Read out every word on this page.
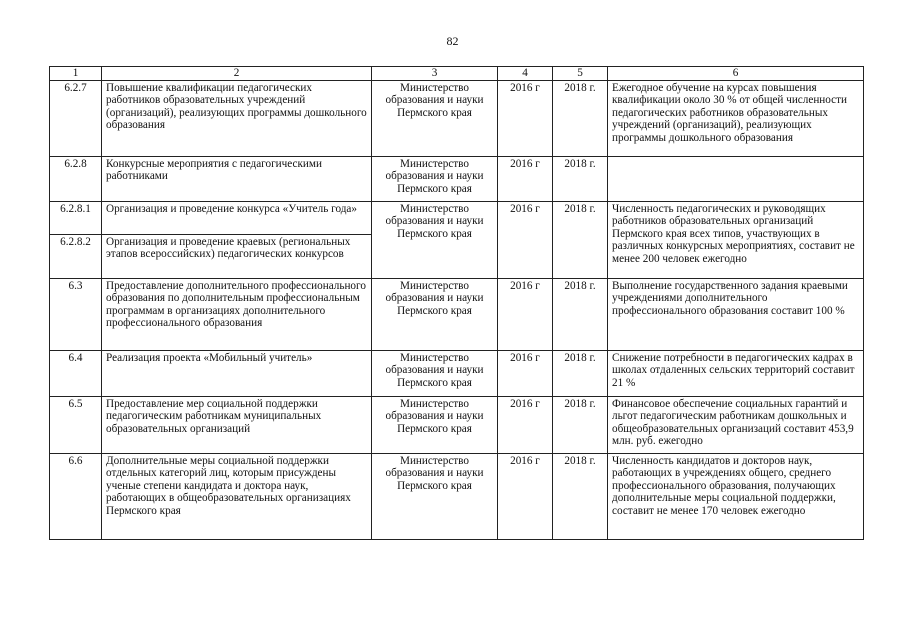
82
1	2	3	4	5	6
6.2.7	Повышение квалификации педагогических работников образовательных учреждений (организаций), реализующих программы дошкольного образования	Министерство образования и науки Пермского края	2016 г	2018 г.	Ежегодное обучение на курсах повышения квалификации около 30 % от общей численности педагогических работников образовательных учреждений (организаций), реализующих программы дошкольного образования
6.2.8	Конкурсные мероприятия с педагогическими работниками	Министерство образования и науки Пермского края	2016 г	2018 г.	
6.2.8.1	Организация и проведение конкурса «Учитель года»	Министерство образования и науки Пермского края	2016 г	2018 г.	Численность педагогических и руководящих работников образовательных организаций Пермского края всех типов, участвующих в различных конкурсных мероприятиях, составит не менее 200 человек ежегодно
6.2.8.2	Организация и проведение краевых (региональных этапов всероссийских) педагогических конкурсов				
6.3	Предоставление дополнительного профессионального образования по дополнительным профессиональным программам в организациях дополнительного профессионального образования	Министерство образования и науки Пермского края	2016 г	2018 г.	Выполнение государственного задания краевыми учреждениями дополнительного профессионального образования составит 100 %
6.4	Реализация проекта «Мобильный учитель»	Министерство образования и науки Пермского края	2016 г	2018 г.	Снижение потребности в педагогических кадрах в школах отдаленных сельских территорий составит 21 %
6.5	Предоставление мер социальной поддержки педагогическим работникам муниципальных образовательных организаций	Министерство образования и науки Пермского края	2016 г	2018 г.	Финансовое обеспечение социальных гарантий и льгот педагогическим работникам дошкольных и общеобразовательных организаций составит 453,9 млн. руб. ежегодно
6.6	Дополнительные меры социальной поддержки отдельных категорий лиц, которым присуждены ученые степени кандидата и доктора наук, работающих в общеобразовательных организациях Пермского края	Министерство образования и науки Пермского края	2016 г	2018 г.	Численность кандидатов и докторов наук, работающих в учреждениях общего, среднего профессионального образования, получающих дополнительные меры социальной поддержки, составит не менее 170 человек ежегодно
